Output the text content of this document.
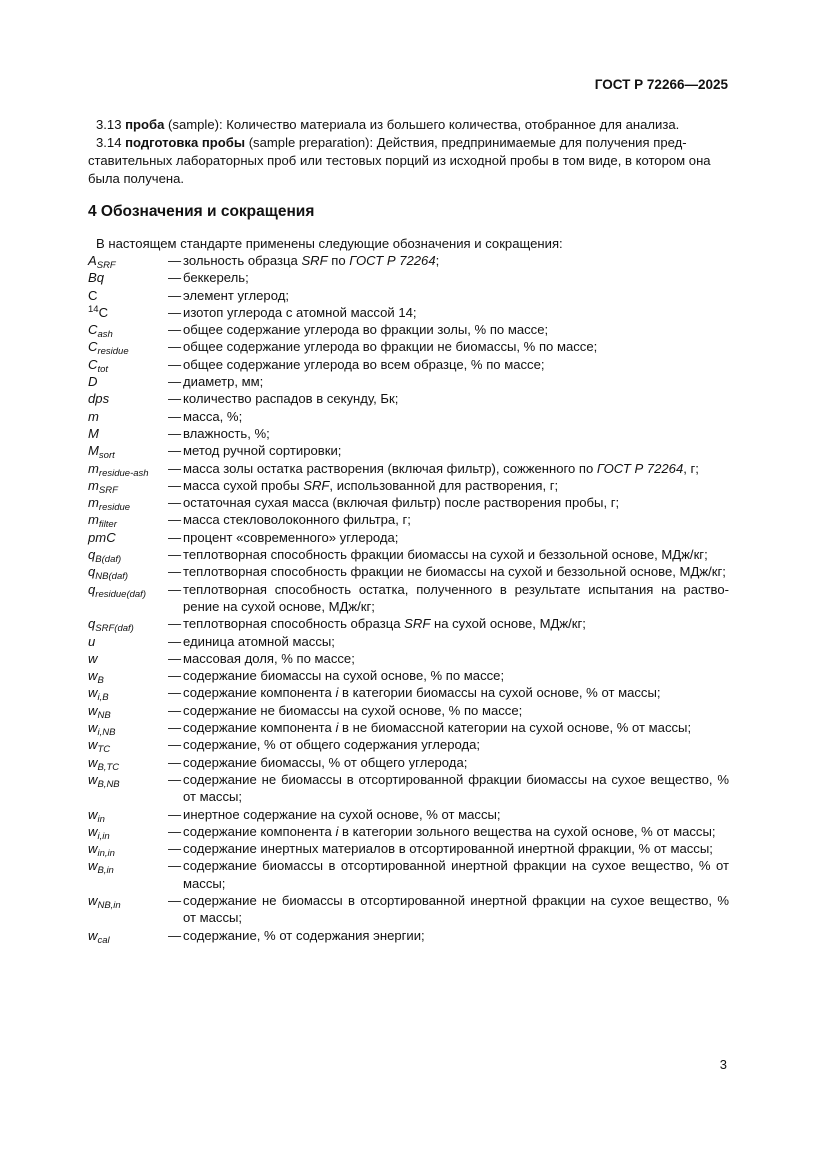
ГОСТ Р 72266—2025
3.13 проба (sample): Количество материала из большего количества, отобранное для анализа.
3.14 подготовка пробы (sample preparation): Действия, предпринимаемые для получения пред-
ставительных лабораторных проб или тестовых порций из исходной пробы в том виде, в котором она
была получена.
4 Обозначения и сокращения
В настоящем стандарте применены следующие обозначения и сокращения:
$A_{SRF}$	— зольность образца SRF по ГОСТ Р 72264;
Bq	— беккерель;
C	— элемент углерод;
$^{14}$C	— изотоп углерода с атомной массой 14;
$C_{ash}$	— общее содержание углерода во фракции золы, % по массе;
$C_{residue}$	— общее содержание углерода во фракции не биомассы, % по массе;
$C_{tot}$	— общее содержание углерода во всем образце, % по массе;
D	— диаметр, мм;
dps	— количество распадов в секунду, Бк;
m	— масса, %;
M	— влажность, %;
$M_{sort}$	— метод ручной сортировки;
$m_{residue-ash}$	— масса золы остатка растворения (включая фильтр), сожженного по ГОСТ Р 72264, г;
$m_{SRF}$	— масса сухой пробы SRF, использованной для растворения, г;
$m_{residue}$	— остаточная сухая масса (включая фильтр) после растворения пробы, г;
$m_{filter}$	— масса стекловолоконного фильтра, г;
pmC	— процент «современного» углерода;
$q_{B(daf)}$	— теплотворная способность фракции биомассы на сухой и беззольной основе, МДж/кг;
$q_{NB(daf)}$	— теплотворная способность фракции не биомассы на сухой и беззольной основе, МДж/кг;
$q_{residue(daf)}$	— теплотворная способность остатка, полученного в результате испытания на раство-рение на сухой основе, МДж/кг;
$q_{SRF(daf)}$	— теплотворная способность образца SRF на сухой основе, МДж/кг;
u	— единица атомной массы;
w	— массовая доля, % по массе;
$w_B$	— содержание биомассы на сухой основе, % по массе;
$w_{i,B}$	— содержание компонента i в категории биомассы на сухой основе, % от массы;
$w_{NB}$	— содержание не биомассы на сухой основе, % по массе;
$w_{i,NB}$	— содержание компонента i в не биомассной категории на сухой основе, % от массы;
$w_{TC}$	— содержание, % от общего содержания углерода;
$w_{B,TC}$	— содержание биомассы, % от общего углерода;
$w_{B,NB}$	— содержание не биомассы в отсортированной фракции биомассы на сухое вещество, % от массы;
$w_{in}$	— инертное содержание на сухой основе, % от массы;
$w_{i,in}$	— содержание компонента i в категории зольного вещества на сухой основе, % от массы;
$w_{in,in}$	— содержание инертных материалов в отсортированной инертной фракции, % от массы;
$w_{B,in}$	— содержание биомассы в отсортированной инертной фракции на сухое вещество, % от массы;
$w_{NB,in}$	— содержание не биомассы в отсортированной инертной фракции на сухое вещество, % от массы;
$w_{cal}$	— содержание, % от содержания энергии;
3
